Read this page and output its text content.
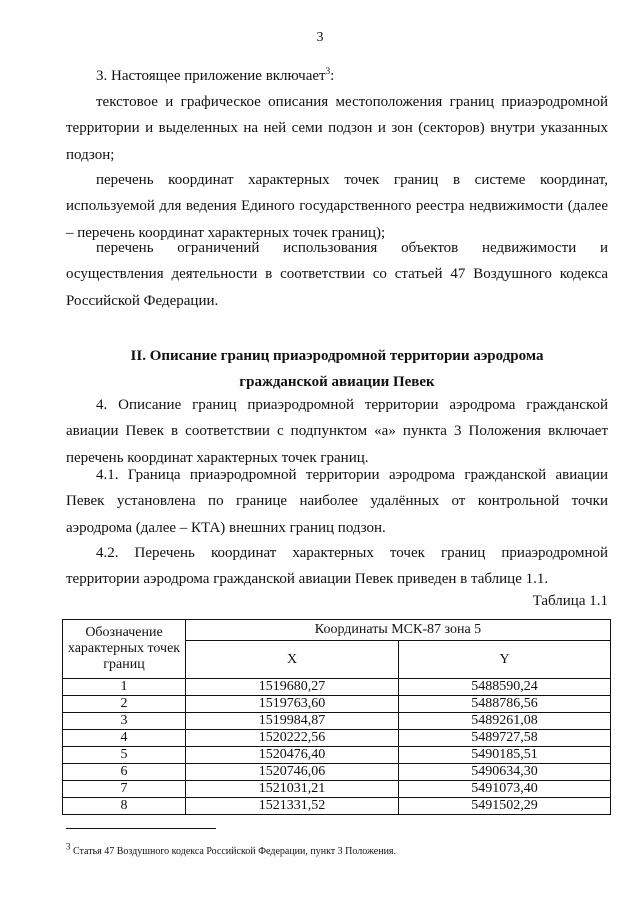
3
3. Настоящее приложение включает$^3$:
текстовое и графическое описания местоположения границ приаэродромной территории и выделенных на ней семи подзон и зон (секторов) внутри указанных подзон;
перечень координат характерных точек границ в системе координат, используемой для ведения Единого государственного реестра недвижимости (далее – перечень координат характерных точек границ);
перечень ограничений использования объектов недвижимости и осуществления деятельности в соответствии со статьей 47 Воздушного кодекса Российской Федерации.
II. Описание границ приаэродромной территории аэродрома
гражданской авиации Певек
4. Описание границ приаэродромной территории аэродрома гражданской авиации Певек в соответствии с подпунктом «а» пункта 3 Положения включает перечень координат характерных точек границ.
4.1. Граница приаэродромной территории аэродрома гражданской авиации Певек установлена по границе наиболее удалённых от контрольной точки аэродрома (далее – КТА) внешних границ подзон.
4.2. Перечень координат характерных точек границ приаэродромной территории аэродрома гражданской авиации Певек приведен в таблице 1.1.
Таблица 1.1
Обозначение характерных точек границ	Координаты МСК-87 зона 5	
	X	Y
1	1519680,27	5488590,24
2	1519763,60	5488786,56
3	1519984,87	5489261,08
4	1520222,56	5489727,58
5	1520476,40	5490185,51
6	1520746,06	5490634,30
7	1521031,21	5491073,40
8	1521331,52	5491502,29
$^3$ Статья 47 Воздушного кодекса Российской Федерации, пункт 3 Положения.
